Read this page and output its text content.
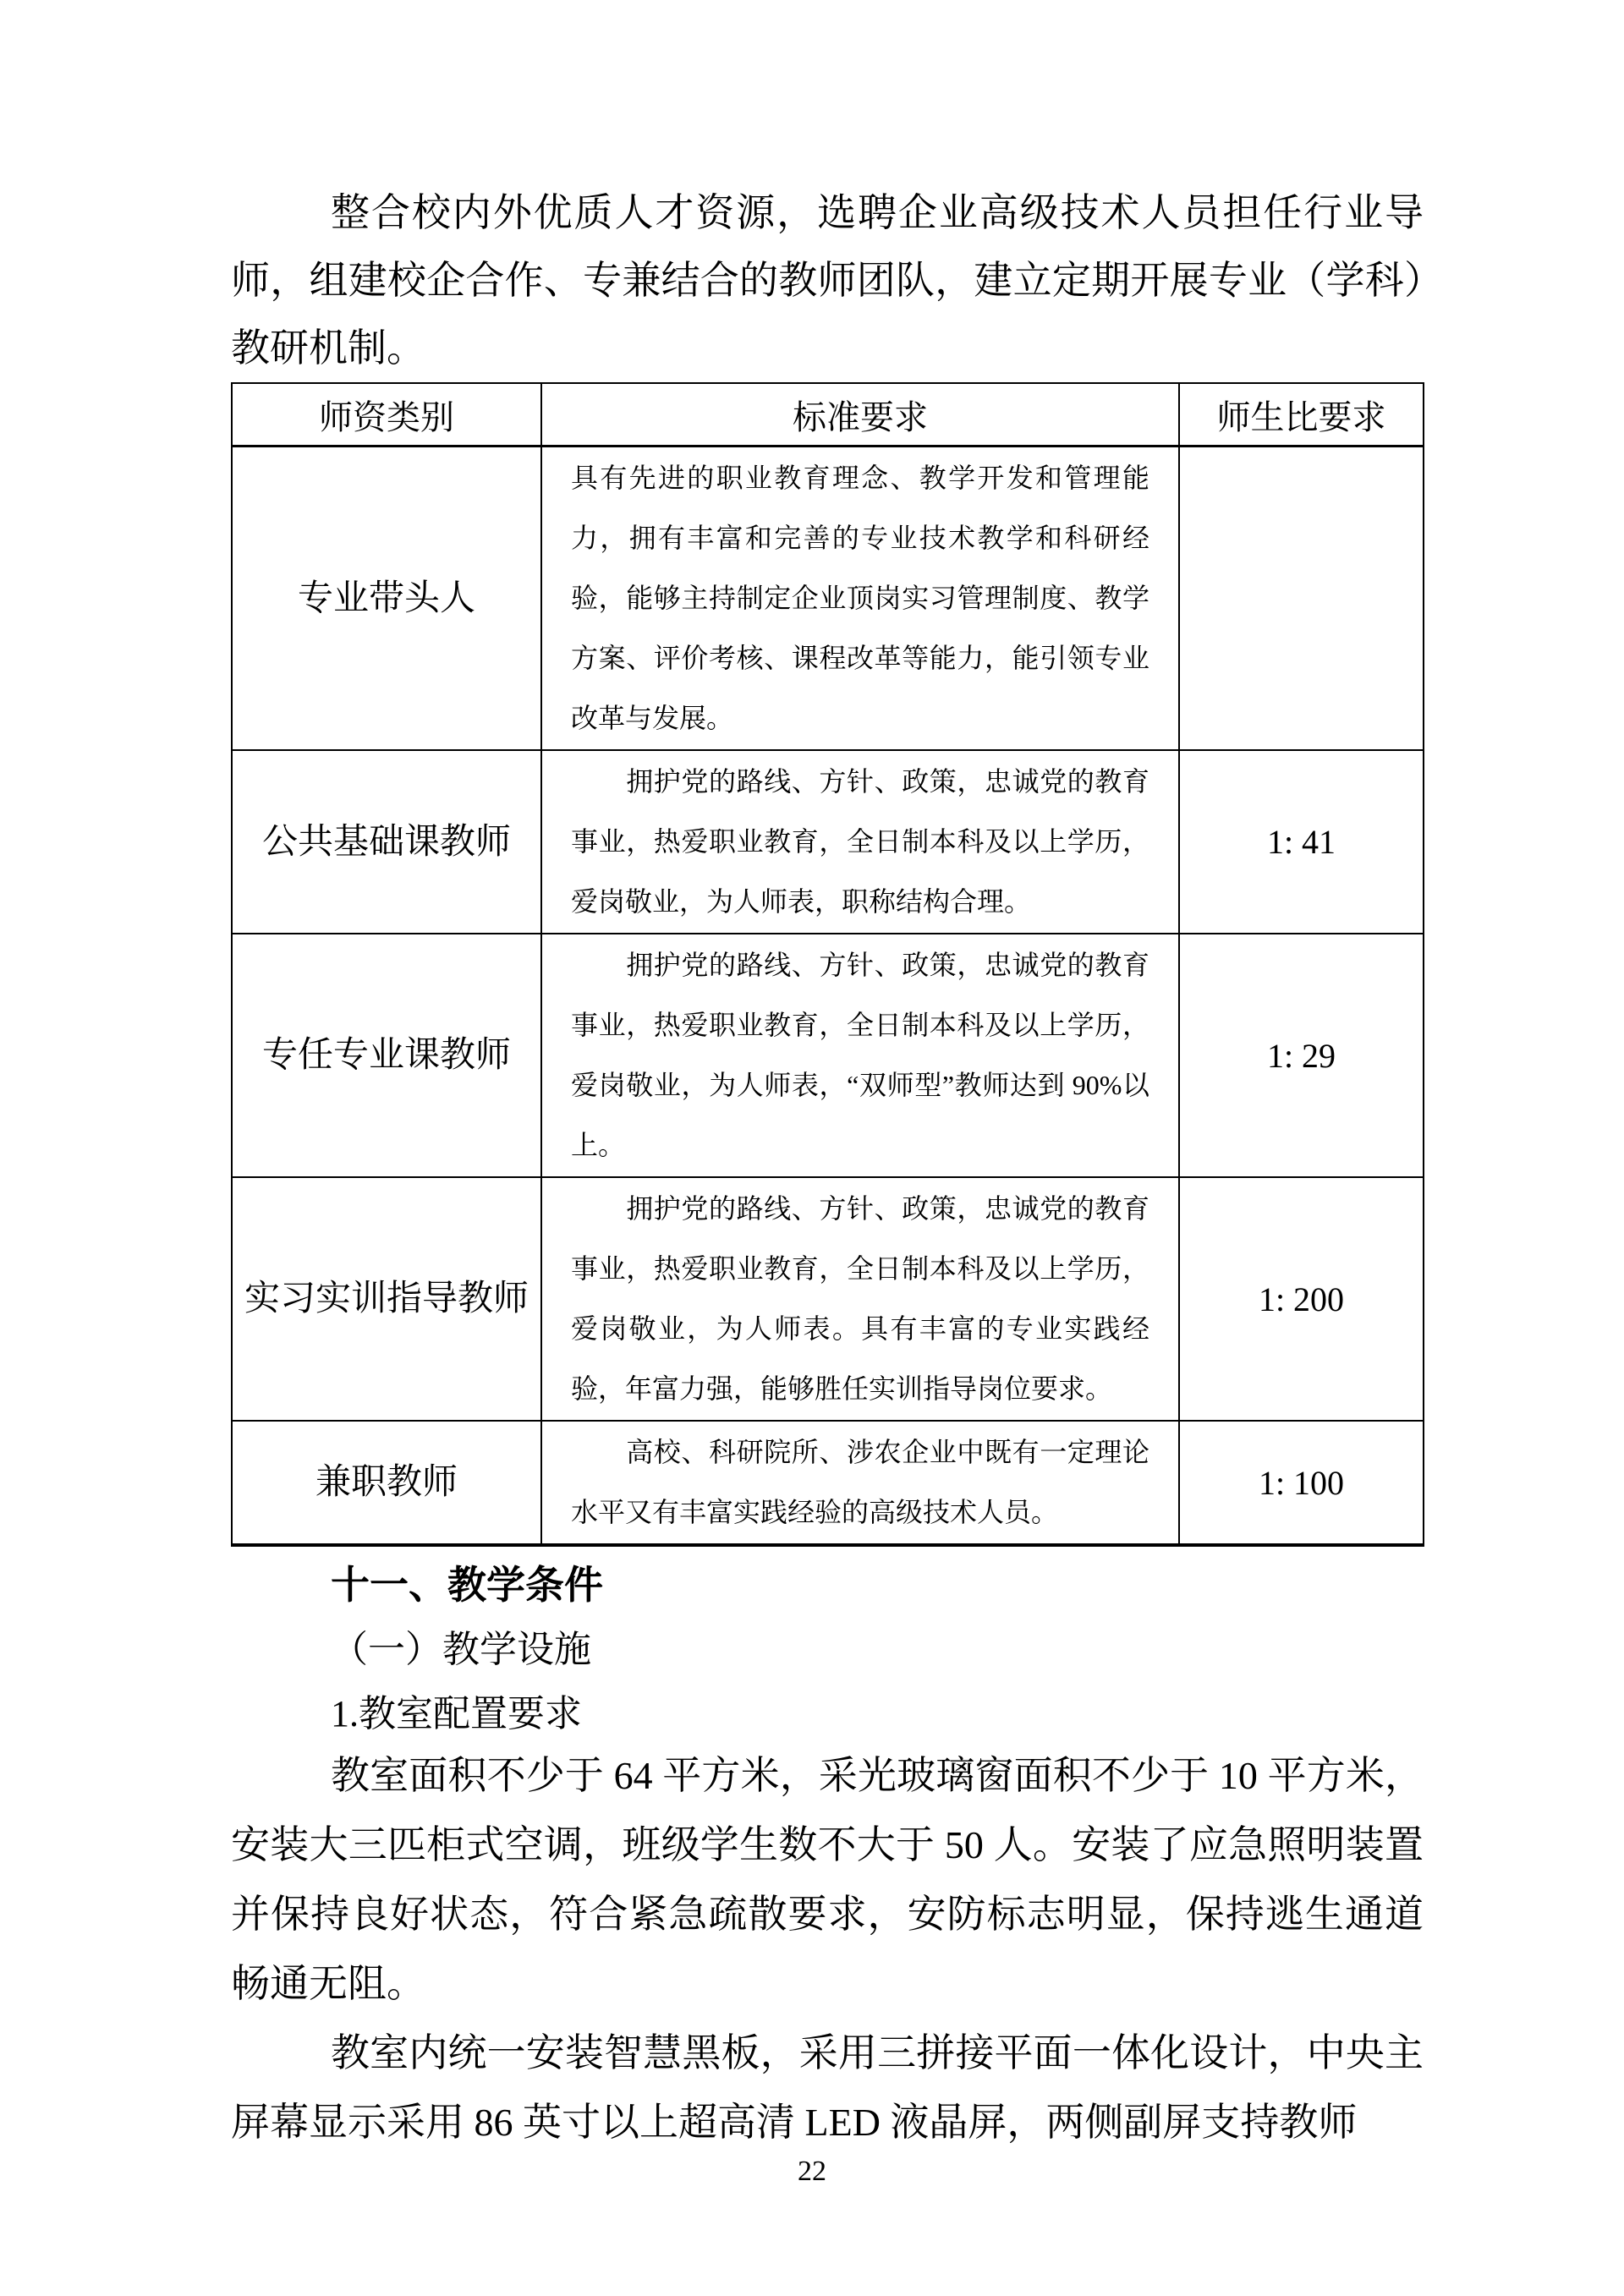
整合校内外优质人才资源，选聘企业高级技术人员担任行业导师，组建校企合作、专兼结合的教师团队，建立定期开展专业（学科）教研机制。

师资类别	标准要求	师生比要求
专业带头人	具有先进的职业教育理念、教学开发和管理能力，拥有丰富和完善的专业技术教学和科研经验，能够主持制定企业顶岗实习管理制度、教学方案、评价考核、课程改革等能力，能引领专业改革与发展。	
公共基础课教师	　　拥护党的路线、方针、政策，忠诚党的教育事业，热爱职业教育，全日制本科及以上学历，爱岗敬业，为人师表，职称结构合理。	1: 41
专任专业课教师	　　拥护党的路线、方针、政策，忠诚党的教育事业，热爱职业教育，全日制本科及以上学历，爱岗敬业，为人师表，“双师型”教师达到 90%以上。	1: 29
实习实训指导教师	　　拥护党的路线、方针、政策，忠诚党的教育事业，热爱职业教育，全日制本科及以上学历，爱岗敬业，为人师表。具有丰富的专业实践经验，年富力强，能够胜任实训指导岗位要求。	1: 200
兼职教师	　　高校、科研院所、涉农企业中既有一定理论水平又有丰富实践经验的高级技术人员。	1: 100

十一、教学条件

（一）教学设施

1.教室配置要求

教室面积不少于 64 平方米，采光玻璃窗面积不少于 10 平方米，安装大三匹柜式空调，班级学生数不大于 50 人。安装了应急照明装置并保持良好状态，符合紧急疏散要求，安防标志明显，保持逃生通道畅通无阻。

教室内统一安装智慧黑板，采用三拼接平面一体化设计，中央主屏幕显示采用 86 英寸以上超高清 LED 液晶屏，两侧副屏支持教师

22
